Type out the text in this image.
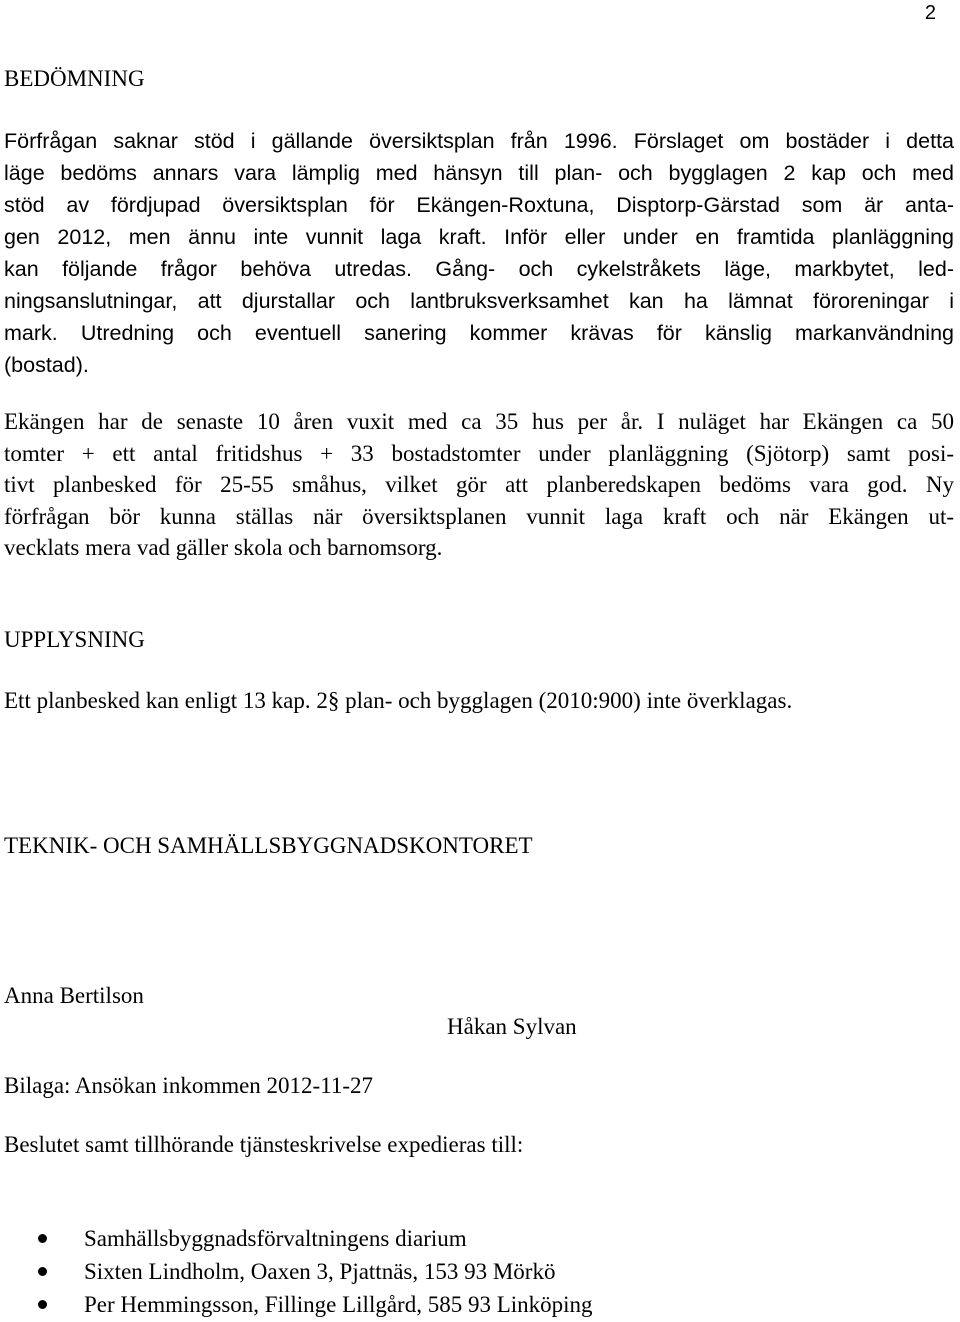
2
BEDÖMNING
Förfrågan saknar stöd i gällande översiktsplan från 1996. Förslaget om bostäder i detta
läge bedöms annars vara lämplig med hänsyn till plan- och bygglagen 2 kap och med
stöd av fördjupad översiktsplan för Ekängen-Roxtuna, Disptorp-Gärstad som är anta-
gen 2012, men ännu inte vunnit laga kraft. Inför eller under en framtida planläggning
kan följande frågor behöva utredas. Gång- och cykelstråkets läge, markbytet, led-
ningsanslutningar, att djurstallar och lantbruksverksamhet kan ha lämnat föroreningar i
mark. Utredning och eventuell sanering kommer krävas för känslig markanvändning
(bostad).
Ekängen har de senaste 10 åren vuxit med ca 35 hus per år. I nuläget har Ekängen ca 50
tomter + ett antal fritidshus + 33 bostadstomter under planläggning (Sjötorp) samt posi-
tivt planbesked för 25-55 småhus, vilket gör att planberedskapen bedöms vara god. Ny
förfrågan bör kunna ställas när översiktsplanen vunnit laga kraft och när Ekängen ut-
vecklats mera vad gäller skola och barnomsorg.
UPPLYSNING
Ett planbesked kan enligt 13 kap. 2§ plan- och bygglagen (2010:900) inte överklagas.
TEKNIK- OCH SAMHÄLLSBYGGNADSKONTORET
Anna Bertilson
Håkan Sylvan
Bilaga: Ansökan inkommen 2012-11-27
Beslutet samt tillhörande tjänsteskrivelse expedieras till:
Samhällsbyggnadsförvaltningens diarium
Sixten Lindholm, Oaxen 3, Pjattnäs, 153 93 Mörkö
Per Hemmingsson, Fillinge Lillgård, 585 93 Linköping
